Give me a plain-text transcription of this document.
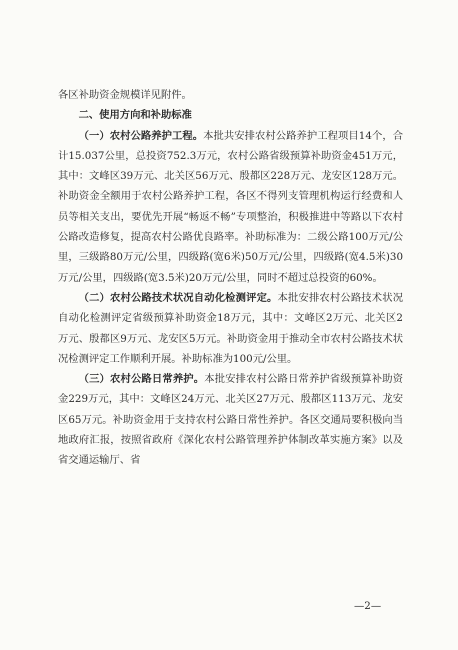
各区补助资金规模详见附件。

二、使用方向和补助标准

（一）农村公路养护工程。本批共安排农村公路养护工程项目14个，合计15.037公里，总投资752.3万元，农村公路省级预算补助资金451万元，其中：文峰区39万元、北关区56万元、殷都区228万元、龙安区128万元。补助资金全额用于农村公路养护工程，各区不得列支管理机构运行经费和人员等相关支出，要优先开展“畅返不畅”专项整治，积极推进中等路以下农村公路改造修复，提高农村公路优良路率。补助标准为：二级公路100万元/公里，三级路80万元/公里，四级路(宽6米)50万元/公里，四级路(宽4.5米)30万元/公里，四级路(宽3.5米)20万元/公里，同时不超过总投资的60%。

（二）农村公路技术状况自动化检测评定。本批安排农村公路技术状况自动化检测评定省级预算补助资金18万元，其中：文峰区2万元、北关区2万元、殷都区9万元、龙安区5万元。补助资金用于推动全市农村公路技术状况检测评定工作顺利开展。补助标准为100元/公里。

（三）农村公路日常养护。本批安排农村公路日常养护省级预算补助资金229万元，其中：文峰区24万元、北关区27万元、殷都区113万元、龙安区65万元。补助资金用于支持农村公路日常性养护。各区交通局要积极向当地政府汇报，按照省政府《深化农村公路管理养护体制改革实施方案》以及省交通运输厅、省

—2—
